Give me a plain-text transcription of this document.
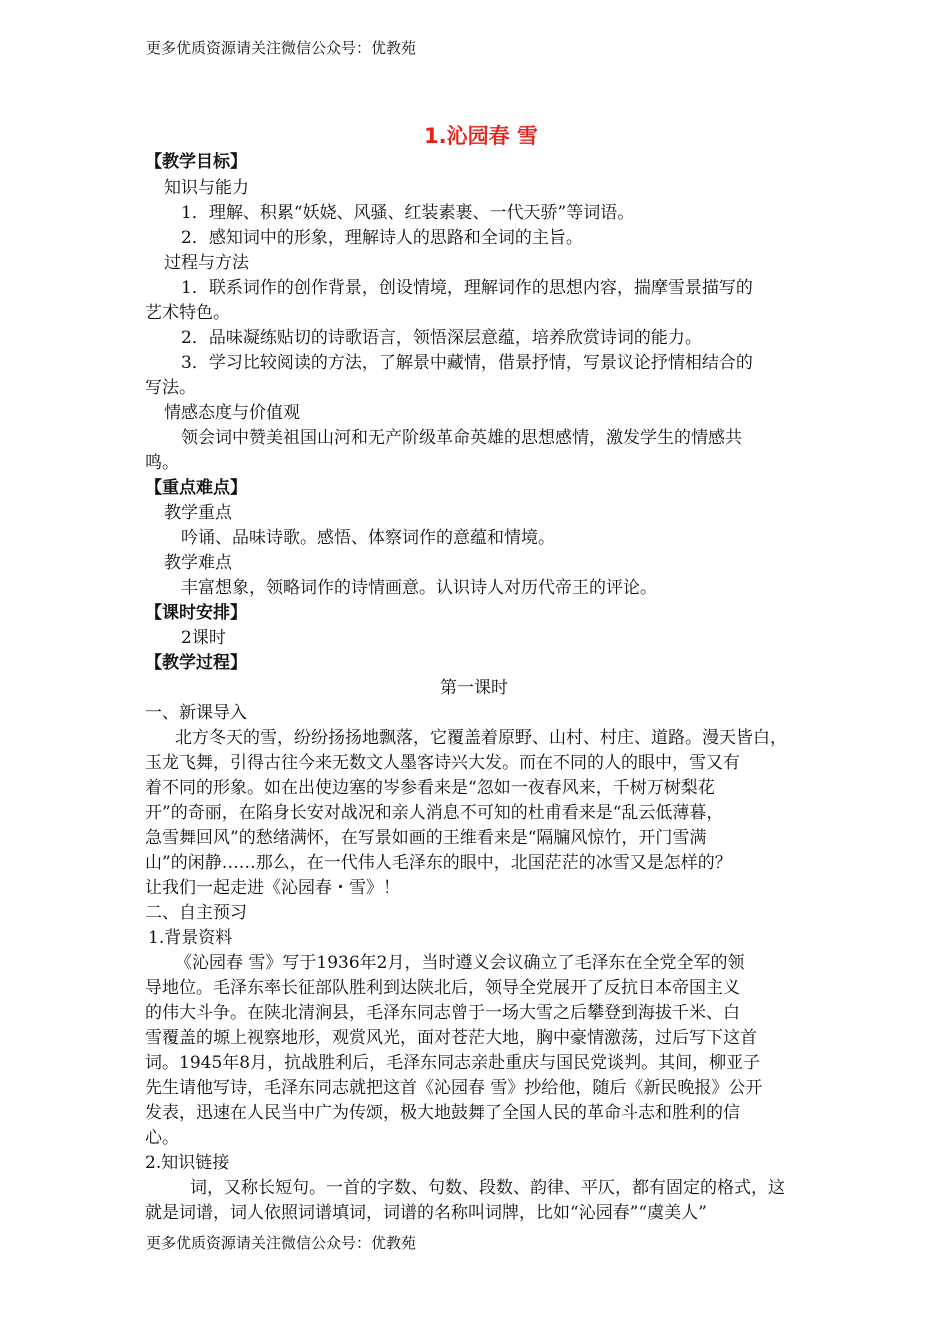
更多优质资源请关注微信公众号：优教苑
1.沁园春 雪
【教学目标】
知识与能力
1．理解、积累“妖娆、风骚、红装素裹、一代天骄”等词语。
2．感知词中的形象，理解诗人的思路和全词的主旨。
过程与方法
1．联系词作的创作背景，创设情境，理解词作的思想内容，揣摩雪景描写的
艺术特色。
2．品味凝练贴切的诗歌语言，领悟深层意蕴，培养欣赏诗词的能力。
3．学习比较阅读的方法，了解景中藏情，借景抒情，写景议论抒情相结合的
写法。
情感态度与价值观
领会词中赞美祖国山河和无产阶级革命英雄的思想感情，激发学生的情感共
鸣。
【重点难点】
教学重点
吟诵、品味诗歌。感悟、体察词作的意蕴和情境。
教学难点
丰富想象，领略词作的诗情画意。认识诗人对历代帝王的评论。
【课时安排】
2课时
【教学过程】
第一课时
一、新课导入
北方冬天的雪，纷纷扬扬地飘落，它覆盖着原野、山村、村庄、道路。漫天皆白，
玉龙飞舞，引得古往今来无数文人墨客诗兴大发。而在不同的人的眼中，雪又有
着不同的形象。如在出使边塞的岑参看来是“忽如一夜春风来，千树万树梨花
开”的奇丽，在陷身长安对战况和亲人消息不可知的杜甫看来是“乱云低薄暮，
急雪舞回风”的愁绪满怀，在写景如画的王维看来是“隔牖风惊竹，开门雪满
山”的闲静……那么，在一代伟人毛泽东的眼中，北国茫茫的冰雪又是怎样的？
让我们一起走进《沁园春・雪》！
二、自主预习
1.背景资料
《沁园春 雪》写于1936年2月，当时遵义会议确立了毛泽东在全党全军的领
导地位。毛泽东率长征部队胜利到达陕北后，领导全党展开了反抗日本帝国主义
的伟大斗争。在陕北清涧县，毛泽东同志曾于一场大雪之后攀登到海拔千米、白
雪覆盖的塬上视察地形，观赏风光，面对苍茫大地，胸中豪情激荡，过后写下这首
词。1945年8月，抗战胜利后，毛泽东同志亲赴重庆与国民党谈判。其间，柳亚子
先生请他写诗，毛泽东同志就把这首《沁园春 雪》抄给他，随后《新民晚报》公开
发表，迅速在人民当中广为传颂，极大地鼓舞了全国人民的革命斗志和胜利的信
心。
2.知识链接
词，又称长短句。一首的字数、句数、段数、韵律、平仄，都有固定的格式，这
就是词谱，词人依照词谱填词，词谱的名称叫词牌，比如“沁园春”“虞美人”
更多优质资源请关注微信公众号：优教苑
